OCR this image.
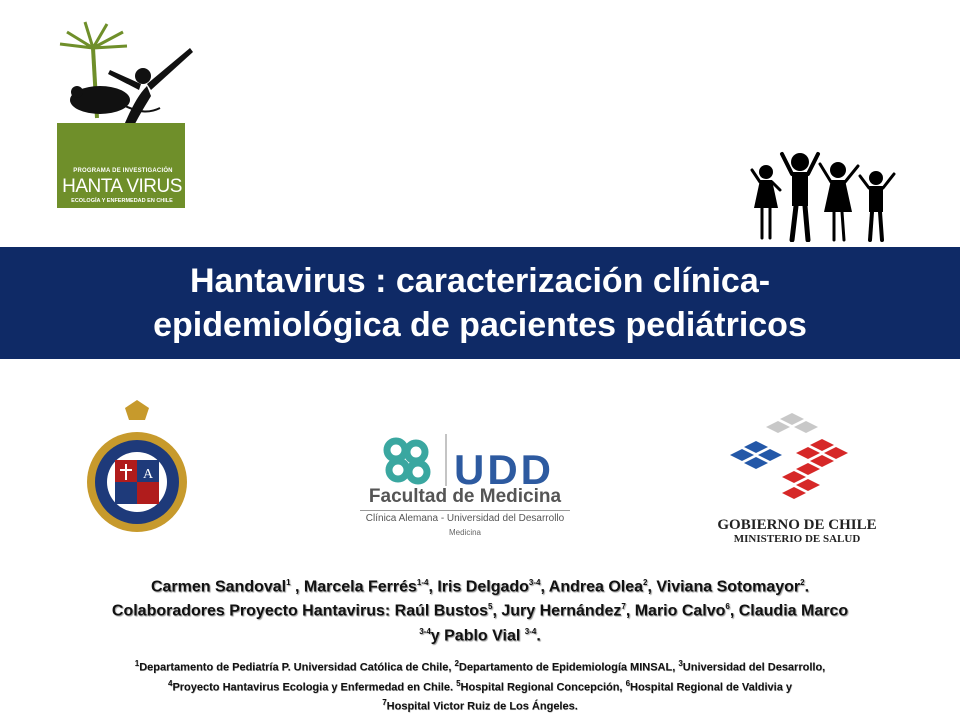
PROGRAMA DE INVESTIGACIÓN
HANTA VIRUS
ECOLOGÍA Y ENFERMEDAD EN CHILE
Hantavirus : caracterización clínica-
epidemiológica de pacientes pediátricos
A	UDD
Facultad de Medicina
Clínica Alemana - Universidad del Desarrollo
Medicina	GOBIERNO DE CHILE
MINISTERIO DE SALUD
Carmen Sandoval$^1$ , Marcela Ferrés$^{1-4}$, Iris Delgado$^{3-4}$, Andrea Olea$^2$, Viviana Sotomayor$^2$.
Colaboradores Proyecto Hantavirus: Raúl Bustos$^5$, Jury Hernández$^7$, Mario Calvo$^6$, Claudia Marco
$^{3-4}$y Pablo Vial $^{3-4}$.
$^1$Departamento de Pediatría P. Universidad Católica de Chile, $^2$Departamento de Epidemiología MINSAL, $^3$Universidad del Desarrollo,
$^4$Proyecto Hantavirus Ecologia y Enfermedad en Chile. $^5$Hospital Regional Concepción, $^6$Hospital Regional de Valdivia y
$^7$Hospital Victor Ruiz de Los Ángeles.
